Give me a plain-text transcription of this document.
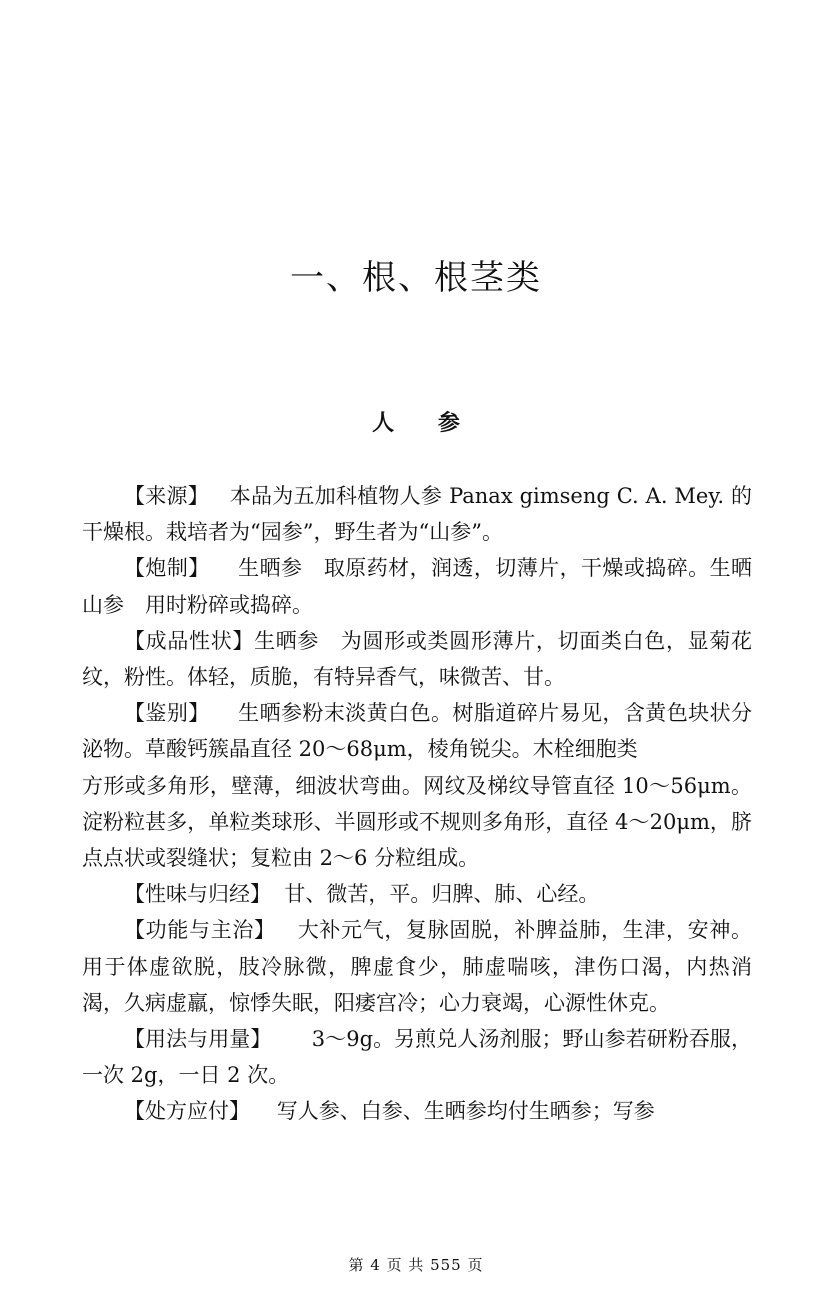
一、根、根茎类
人 参

【来源】 本品为五加科植物人参 Panax gimseng C. A. Mey. 的干燥根。栽培者为“园参”，野生者为“山参”。

【炮制】 生晒参　取原药材，润透，切薄片，干燥或捣碎。生晒山参　用时粉碎或捣碎。

【成品性状】生晒参　为圆形或类圆形薄片，切面类白色，显菊花纹，粉性。体轻，质脆，有特异香气，味微苦、甘。

【鉴别】 生晒参粉末淡黄白色。树脂道碎片易见，含黄色块状分泌物。草酸钙簇晶直径 20～68μm，棱角锐尖。木栓细胞类

方形或多角形，壁薄，细波状弯曲。网纹及梯纹导管直径 10～56μm。淀粉粒甚多，单粒类球形、半圆形或不规则多角形，直径 4～20μm，脐点点状或裂缝状；复粒由 2～6 分粒组成。

【性味与归经】 甘、微苦，平。归脾、肺、心经。

【功能与主治】 大补元气，复脉固脱，补脾益肺，生津，安神。用于体虚欲脱，肢冷脉微，脾虚食少，肺虚喘咳，津伤口渴，内热消渴，久病虚羸，惊悸失眠，阳痿宫冷；心力衰竭，心源性休克。

【用法与用量】 3～9g。另煎兑人汤剂服；野山参若研粉吞服，一次 2g，一日 2 次。

【处方应付】 写人参、白参、生晒参均付生晒参；写参

第 4 页 共 555 页
